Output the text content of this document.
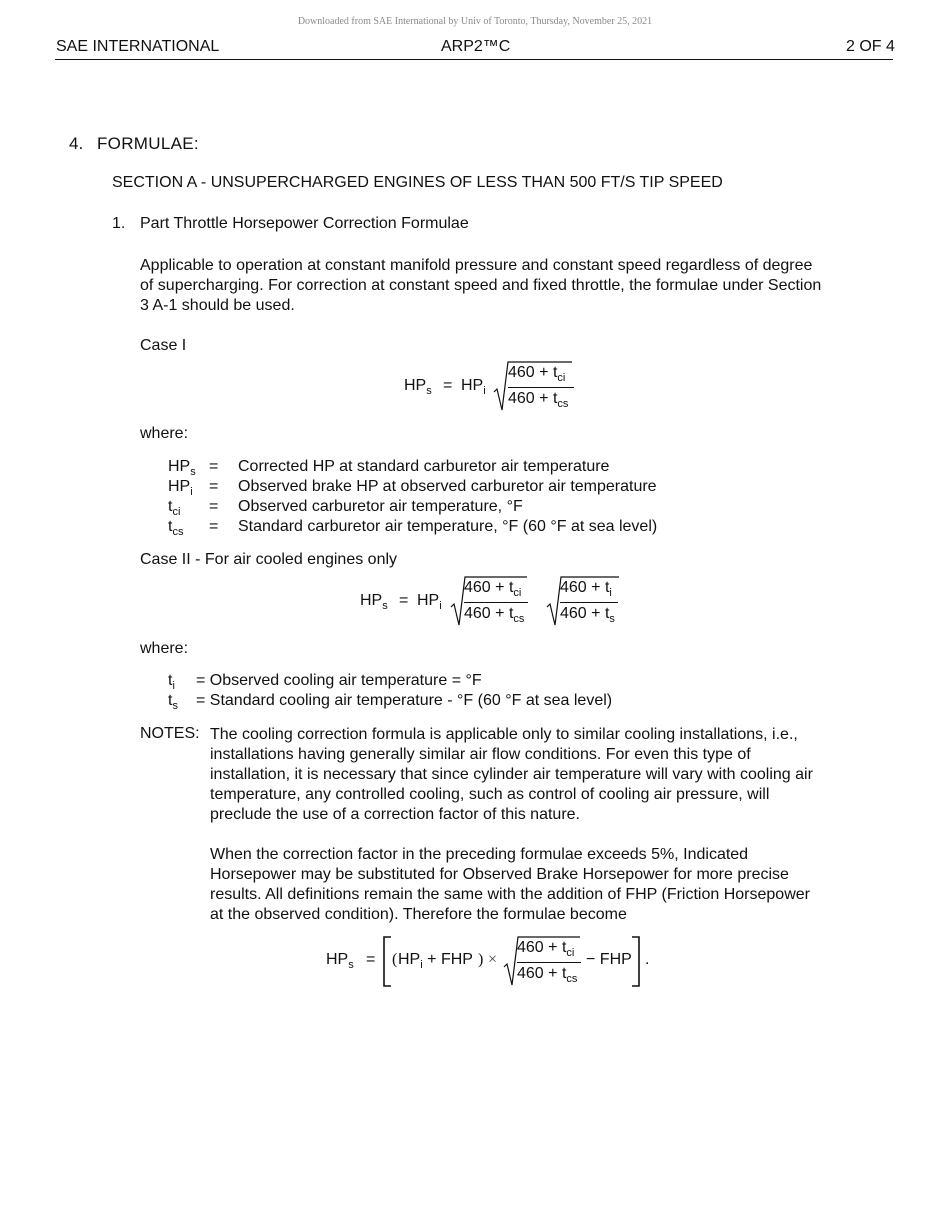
Downloaded from SAE International by Univ of Toronto, Thursday, November 25, 2021
SAE INTERNATIONAL	ARP2™C	2 OF 4
4. FORMULAE:
SECTION A - UNSUPERCHARGED ENGINES OF LESS THAN 500 FT/S TIP SPEED
1. Part Throttle Horsepower Correction Formulae
Applicable to operation at constant manifold pressure and constant speed regardless of degree
of supercharging. For correction at constant speed and fixed throttle, the formulae under Section
3 A-1 should be used.
Case I
$HP_s = HP_i$
$460 + t_{ci}$
$460 + t_{cs}$
where:
$HP_s$ = Corrected HP at standard carburetor air temperature
$HP_i$ = Observed brake HP at observed carburetor air temperature
$t_{ci}$ = Observed carburetor air temperature, °F
$t_{cs}$ = Standard carburetor air temperature, °F (60 °F at sea level)
Case II - For air cooled engines only
$HP_s = HP_i$
$460 + t_{ci}$
$460 + t_{cs}$
$460 + t_i$
$460 + t_s$
where:
$t_i$ = Observed cooling air temperature = °F
$t_s$ = Standard cooling air temperature - °F (60 °F at sea level)
NOTES: The cooling correction formula is applicable only to similar cooling installations, i.e.,
installations having generally similar air flow conditions. For even this type of
installation, it is necessary that since cylinder air temperature will vary with cooling air
temperature, any controlled cooling, such as control of cooling air pressure, will
preclude the use of a correction factor of this nature.
When the correction factor in the preceding formulae exceeds 5%, Indicated
Horsepower may be substituted for Observed Brake Horsepower for more precise
results. All definitions remain the same with the addition of FHP (Friction Horsepower
at the observed condition). Therefore the formulae become
$HP_s$ = ( $HP_i$ + FHP ) ×
$460 + t_{ci}$
$460 + t_{cs}$
− FHP .
